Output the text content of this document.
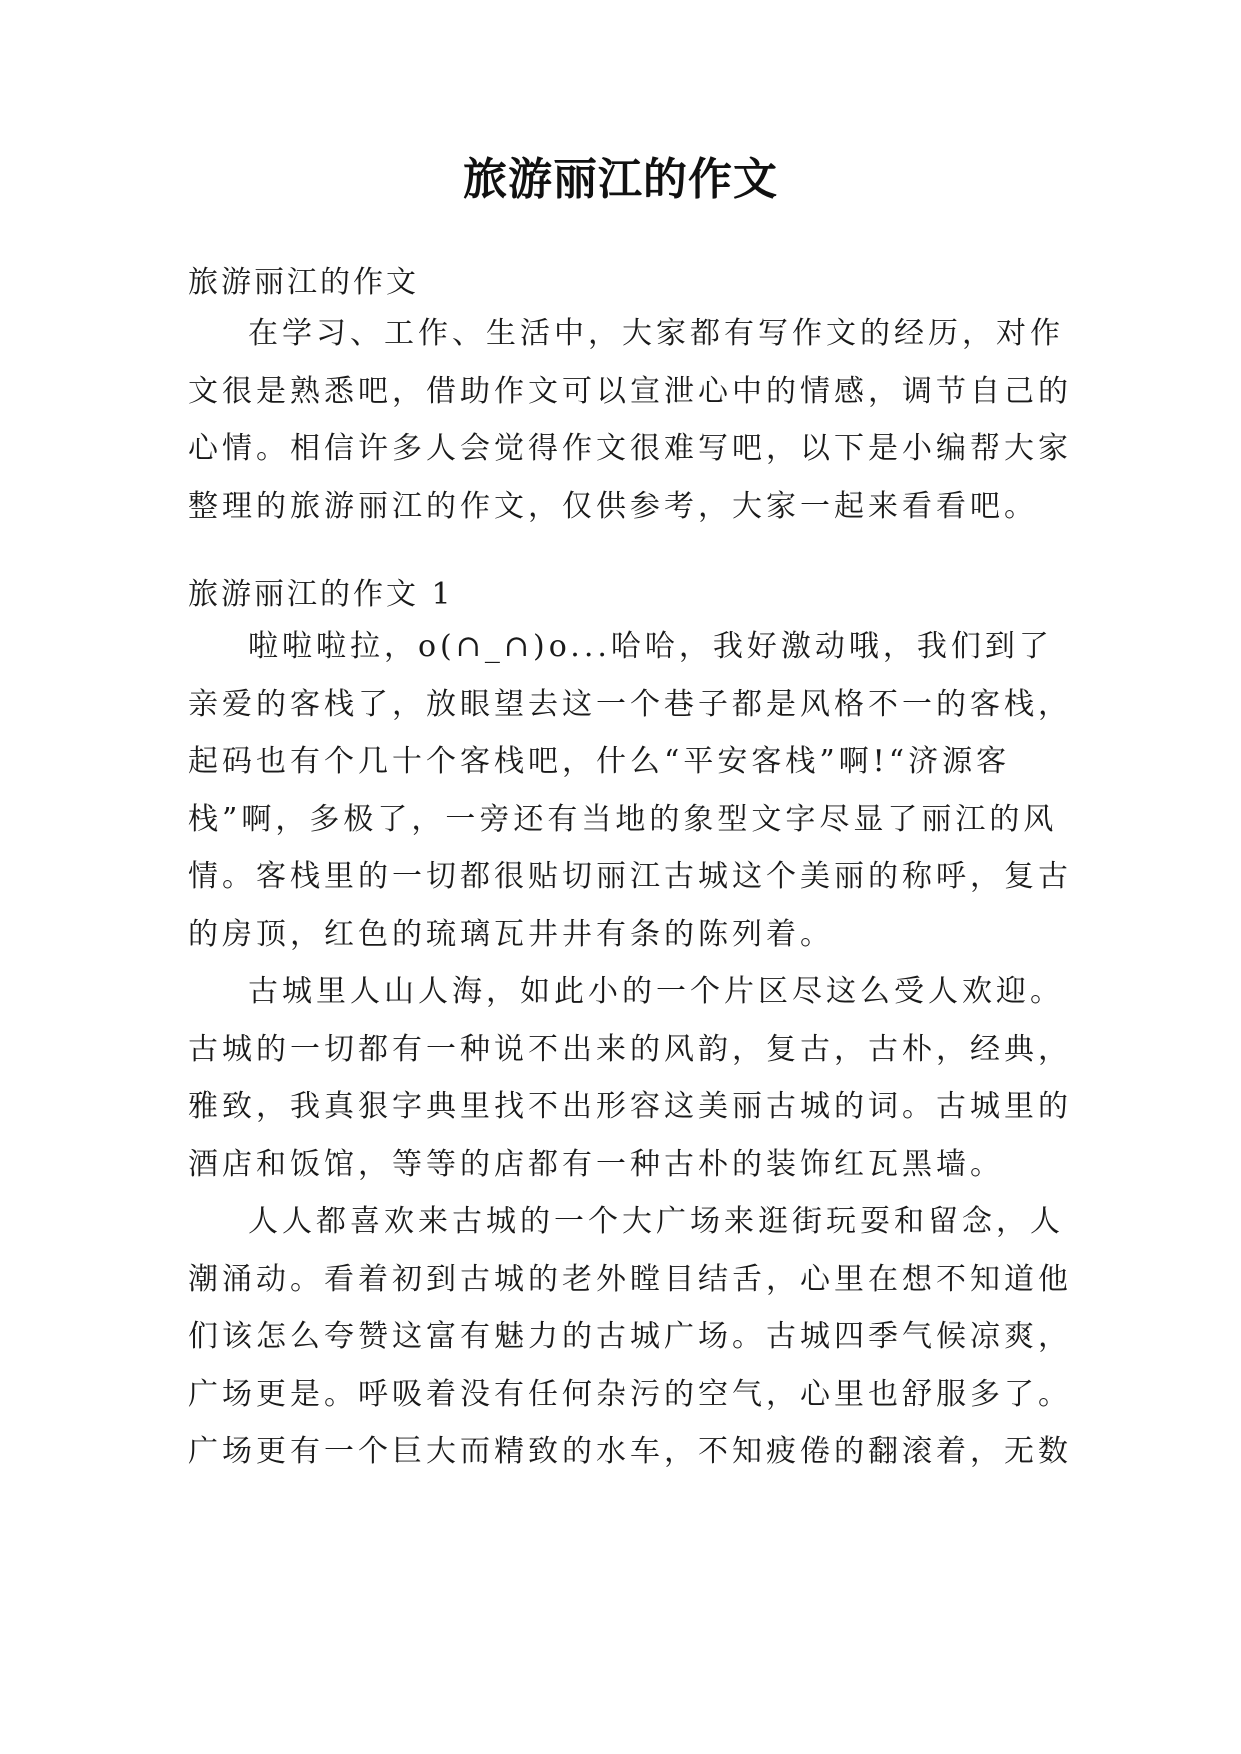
旅游丽江的作文
旅游丽江的作文
在学习、工作、生活中，大家都有写作文的经历，对作
文很是熟悉吧，借助作文可以宣泄心中的情感，调节自己的
心情。相信许多人会觉得作文很难写吧，以下是小编帮大家
整理的旅游丽江的作文，仅供参考，大家一起来看看吧。
旅游丽江的作文 1
啦啦啦拉，o(∩_∩)o...哈哈，我好激动哦，我们到了
亲爱的客栈了，放眼望去这一个巷子都是风格不一的客栈，
起码也有个几十个客栈吧，什么“平安客栈”啊!“济源客
栈”啊，多极了，一旁还有当地的象型文字尽显了丽江的风
情。客栈里的一切都很贴切丽江古城这个美丽的称呼，复古
的房顶，红色的琉璃瓦井井有条的陈列着。
古城里人山人海，如此小的一个片区尽这么受人欢迎。
古城的一切都有一种说不出来的风韵，复古，古朴，经典，
雅致，我真狠字典里找不出形容这美丽古城的词。古城里的
酒店和饭馆，等等的店都有一种古朴的装饰红瓦黑墙。
人人都喜欢来古城的一个大广场来逛街玩耍和留念，人
潮涌动。看着初到古城的老外瞠目结舌，心里在想不知道他
们该怎么夸赞这富有魅力的古城广场。古城四季气候凉爽，
广场更是。呼吸着没有任何杂污的空气，心里也舒服多了。
广场更有一个巨大而精致的水车，不知疲倦的翻滚着，无数
